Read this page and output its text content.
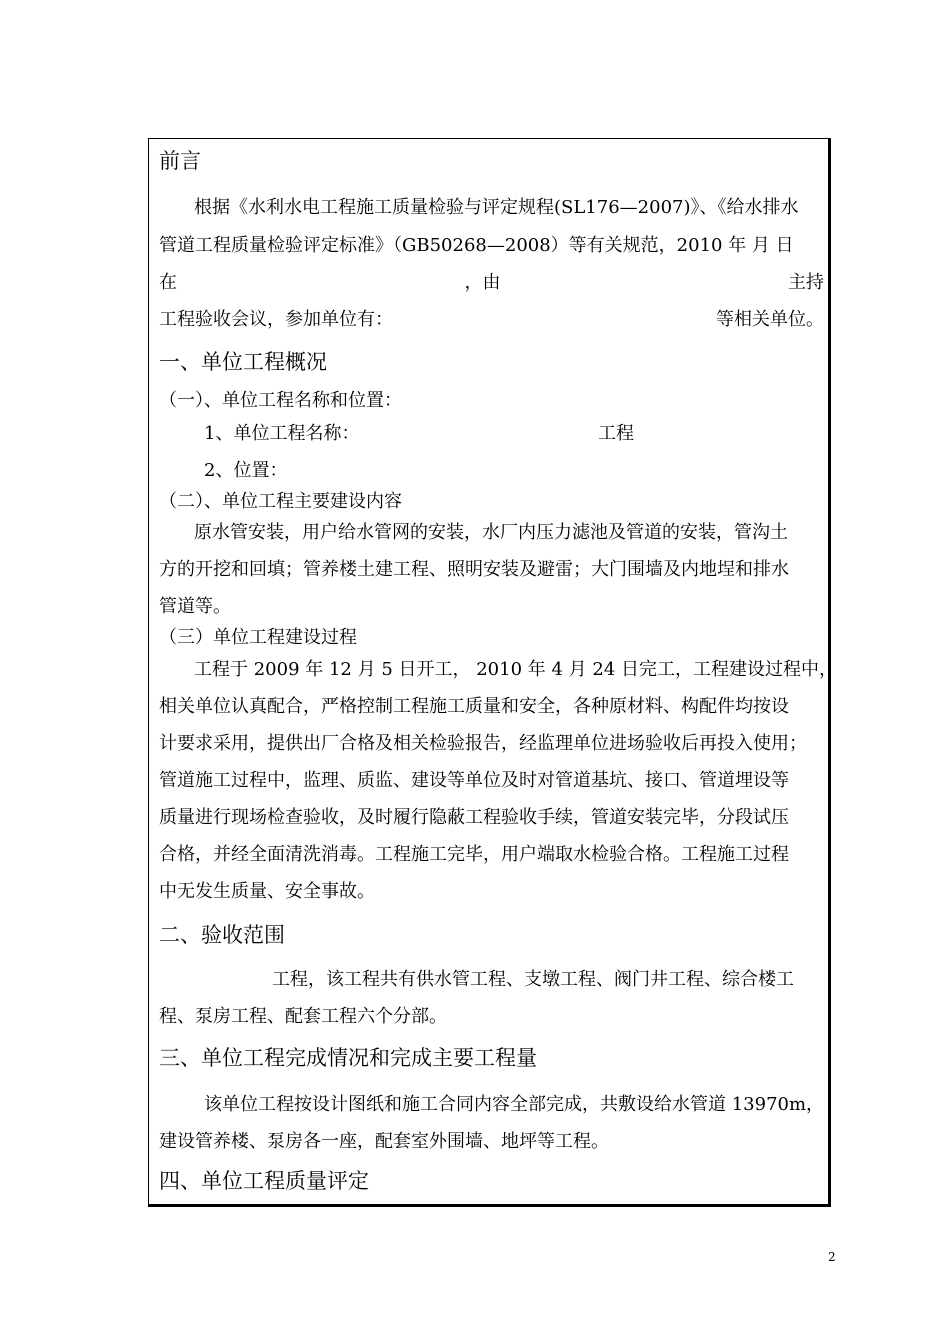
前言
根据《水利水电工程施工质量检验与评定规程(SL176—2007)》、《给水排水
管道工程质量检验评定标准》（GB50268—2008）等有关规范，2010 年 月 日
在	，由	主持
工程验收会议，参加单位有：	等相关单位。
一、单位工程概况
（一）、单位工程名称和位置：
1、单位工程名称：	工程
2、位置：
（二）、单位工程主要建设内容
原水管安装，用户给水管网的安装，水厂内压力滤池及管道的安装，管沟土
方的开挖和回填；管养楼土建工程、照明安装及避雷；大门围墙及内地埕和排水
管道等。
（三）单位工程建设过程
工程于 2009 年 12 月 5 日开工， 2010 年 4 月 24 日完工，工程建设过程中，
相关单位认真配合，严格控制工程施工质量和安全，各种原材料、构配件均按设
计要求采用，提供出厂合格及相关检验报告，经监理单位进场验收后再投入使用；
管道施工过程中，监理、质监、建设等单位及时对管道基坑、接口、管道埋设等
质量进行现场检查验收，及时履行隐蔽工程验收手续，管道安装完毕，分段试压
合格，并经全面清洗消毒。工程施工完毕，用户端取水检验合格。工程施工过程
中无发生质量、安全事故。
二、验收范围
工程，该工程共有供水管工程、支墩工程、阀门井工程、综合楼工
程、泵房工程、配套工程六个分部。
三、单位工程完成情况和完成主要工程量
该单位工程按设计图纸和施工合同内容全部完成，共敷设给水管道 13970m，
建设管养楼、泵房各一座，配套室外围墙、地坪等工程。
四、单位工程质量评定
2
